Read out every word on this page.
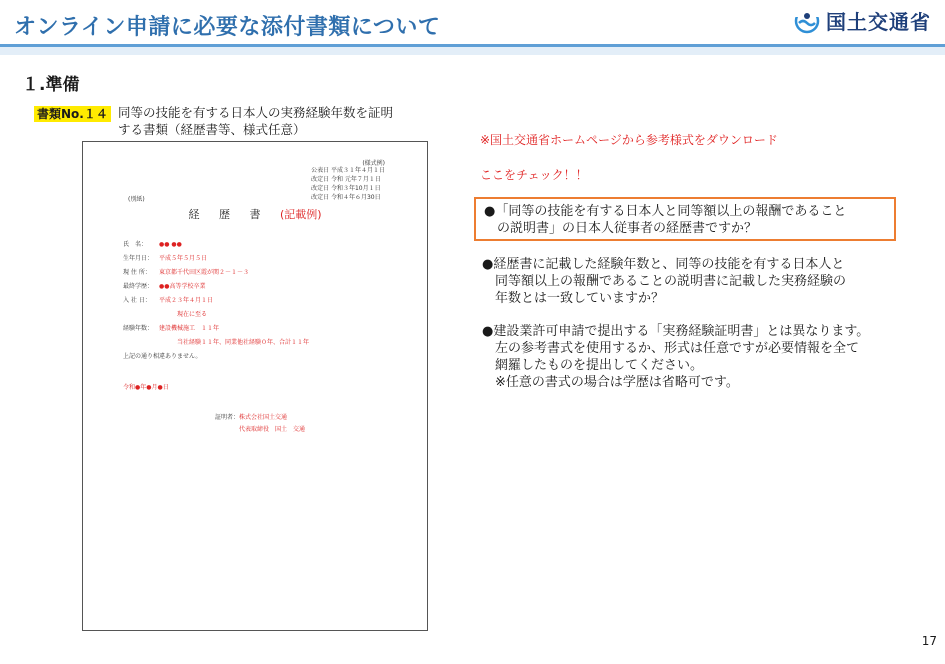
オンライン申請に必要な添付書類について	国土交通省
１.準備
書類No.１４ 同等の技能を有する日本人の実務経験年数を証明
する書類（経歴書等、様式任意）
(様式例)
公表日 平成３１年４月１日
改定日 令和 元年７月１日
改定日 令和３年10月１日
改定日 令和４年６月30日
(別紙)
経 歴 書 (記載例)
氏　名： ●● ●●
生年月日： 平成５年５月５日
現 住 所： 東京都千代田区霞が関２－１－３
最終学歴： ●●高等学校卒業
入 社 日： 平成２３年４月１日
現在に至る
経験年数： 建設機械施工　１１年
当社経験１１年、同業他社経験０年、合計１１年
上記の通り相違ありません。
令和●年●月●日
証明者：株式会社国土交通
代表取締役　 国土　交通
※国土交通省ホームページから参考様式をダウンロード
ここをチェック！！
●「同等の技能を有する日本人と同等額以上の報酬であること
　の説明書」の日本人従事者の経歴書ですか？
●経歴書に記載した経験年数と、同等の技能を有する日本人と
　同等額以上の報酬であることの説明書に記載した実務経験の
　年数とは一致していますか？
●建設業許可申請で提出する「実務経験証明書」とは異なります。
　左の参考書式を使用するか、形式は任意ですが必要情報を全て
　網羅したものを提出してください。
　※任意の書式の場合は学歴は省略可です。
17
